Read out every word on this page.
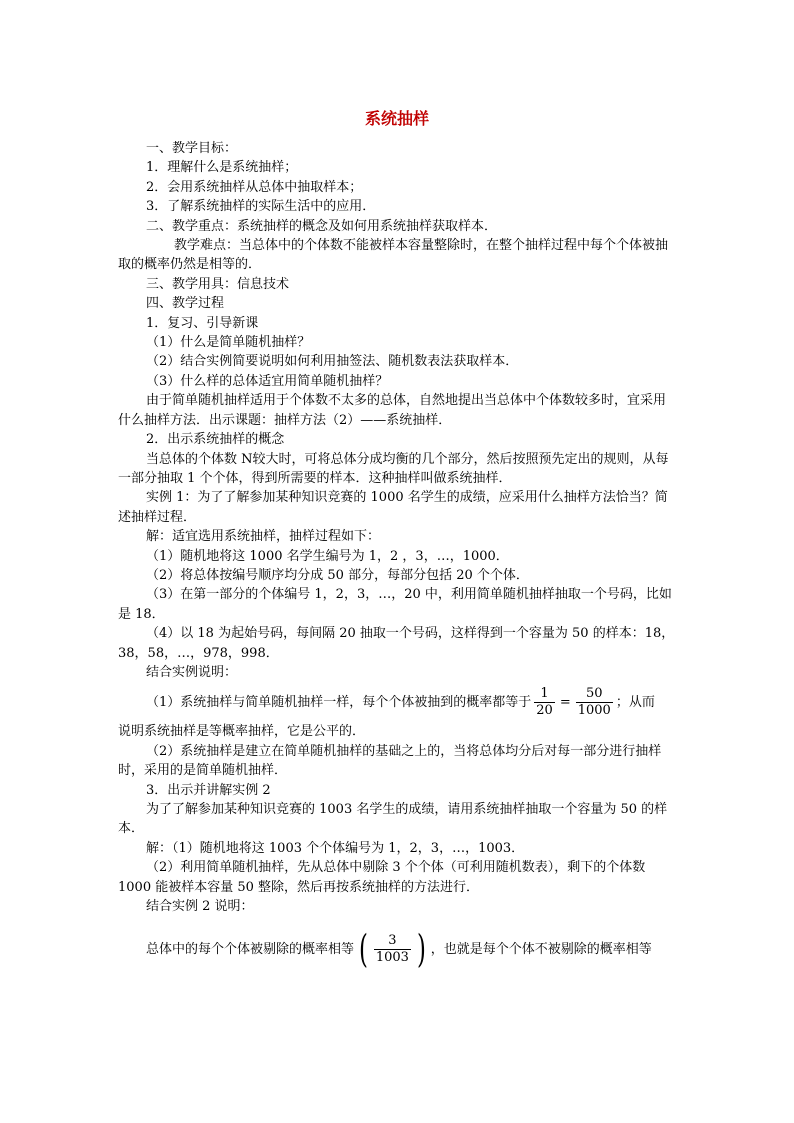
系统抽样

一、教学目标：

1．理解什么是系统抽样；

2．会用系统抽样从总体中抽取样本；

3．了解系统抽样的实际生活中的应用．

二、教学重点：系统抽样的概念及如何用系统抽样获取样本．

教学难点：当总体中的个体数不能被样本容量整除时，在整个抽样过程中每个个体被抽取的概率仍然是相等的．

三、教学用具：信息技术

四、教学过程

1．复习、引导新课

（1）什么是简单随机抽样？

（2）结合实例简要说明如何利用抽签法、随机数表法获取样本．

（3）什么样的总体适宜用简单随机抽样？

由于简单随机抽样适用于个体数不太多的总体，自然地提出当总体中个体数较多时，宜采用什么抽样方法．出示课题：抽样方法（2）——系统抽样．

2．出示系统抽样的概念

当总体的个体数 N较大时，可将总体分成均衡的几个部分，然后按照预先定出的规则，从每一部分抽取 1 个个体，得到所需要的样本．这种抽样叫做系统抽样．

实例 1：为了了解参加某种知识竞赛的 1000 名学生的成绩，应采用什么抽样方法恰当？简述抽样过程．

解：适宜选用系统抽样，抽样过程如下：

（1）随机地将这 1000 名学生编号为 1，2 ，3，…，1000．

（2）将总体按编号顺序均分成 50 部分，每部分包括 20 个个体．

（3）在第一部分的个体编号 1，2，3，…，20 中，利用简单随机抽样抽取一个号码，比如是 18．

（4）以 18 为起始号码，每间隔 20 抽取一个号码，这样得到一个容量为 50 的样本：18，38，58，…，978，998．

结合实例说明：

（1）系统抽样与简单随机抽样一样，每个个体被抽到的概率都等于 $\frac{1}{20} = \frac{50}{1000}$ ；从而

说明系统抽样是等概率抽样，它是公平的．

（2）系统抽样是建立在简单随机抽样的基础之上的，当将总体均分后对每一部分进行抽样时，采用的是简单随机抽样．

3．出示并讲解实例 2

为了了解参加某种知识竞赛的 1003 名学生的成绩，请用系统抽样抽取一个容量为 50 的样本．

解：（1）随机地将这 1003 个个体编号为 1，2，3，…，1003．

（2）利用简单随机抽样，先从总体中剔除 3 个个体（可利用随机数表），剩下的个体数 1000 能被样本容量 50 整除，然后再按系统抽样的方法进行．

结合实例 2 说明：

总体中的每个个体被剔除的概率相等 ( $\frac{3}{1003}$ ) ，也就是每个个体不被剔除的概率相等
